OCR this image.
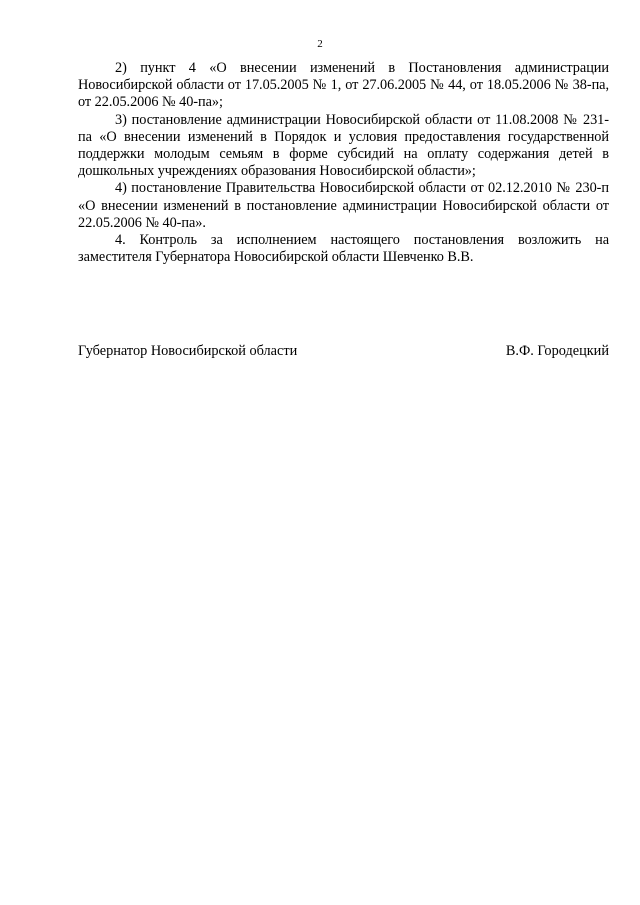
2

2) пункт 4 «О внесении изменений в Постановления администрации Новосибирской области от 17.05.2005 № 1, от 27.06.2005 № 44, от 18.05.2006 № 38-па, от 22.05.2006 № 40-па»;

3) постановление администрации Новосибирской области от 11.08.2008 № 231-па «О внесении изменений в Порядок и условия предоставления государственной поддержки молодым семьям в форме субсидий на оплату содержания детей в дошкольных учреждениях образования Новосибирской области»;

4) постановление Правительства Новосибирской области от 02.12.2010 № 230-п «О внесении изменений в постановление администрации Новосибирской области от 22.05.2006 № 40-па».

4. Контроль за исполнением настоящего постановления возложить на заместителя Губернатора Новосибирской области Шевченко В.В.

Губернатор Новосибирской области	В.Ф. Городецкий
